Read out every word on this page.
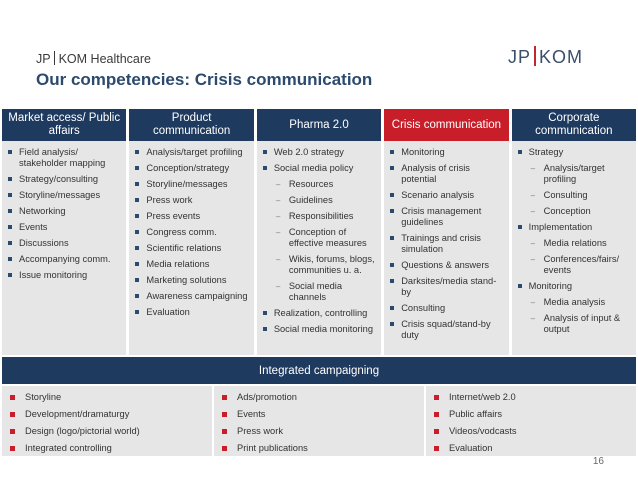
JP KOM Healthcare
Our competencies: Crisis communication
JP KOM
Market access/ Public affairs
Field analysis/ stakeholder mapping
Strategy/consulting
Storyline/messages
Networking
Events
Discussions
Accompanying comm.
Issue monitoring
Product communication
Analysis/target profiling
Conception/strategy
Storyline/messages
Press work
Press events
Congress comm.
Scientific relations
Media relations
Marketing solutions
Awareness campaigning
Evaluation
Pharma 2.0
Web 2.0 strategy
Social media policy
– Resources
– Guidelines
– Responsibilities
– Conception of effective measures
– Wikis, forums, blogs, communities u. a.
– Social media channels
Realization, controlling
Social media monitoring
Crisis communication
Monitoring
Analysis of crisis potential
Scenario analysis
Crisis management guidelines
Trainings and crisis simulation
Questions & answers
Darksites/media stand-by
Consulting
Crisis squad/stand-by duty
Corporate communication
Strategy
– Analysis/target profiling
– Consulting
– Conception
Implementation
– Media relations
– Conferences/fairs/ events
Monitoring
– Media analysis
– Analysis of input & output
Integrated campaigning
Storyline
Development/dramaturgy
Design (logo/pictorial world)
Integrated controlling
Ads/promotion
Events
Press work
Print publications
Internet/web 2.0
Public affairs
Videos/vodcasts
Evaluation
16
